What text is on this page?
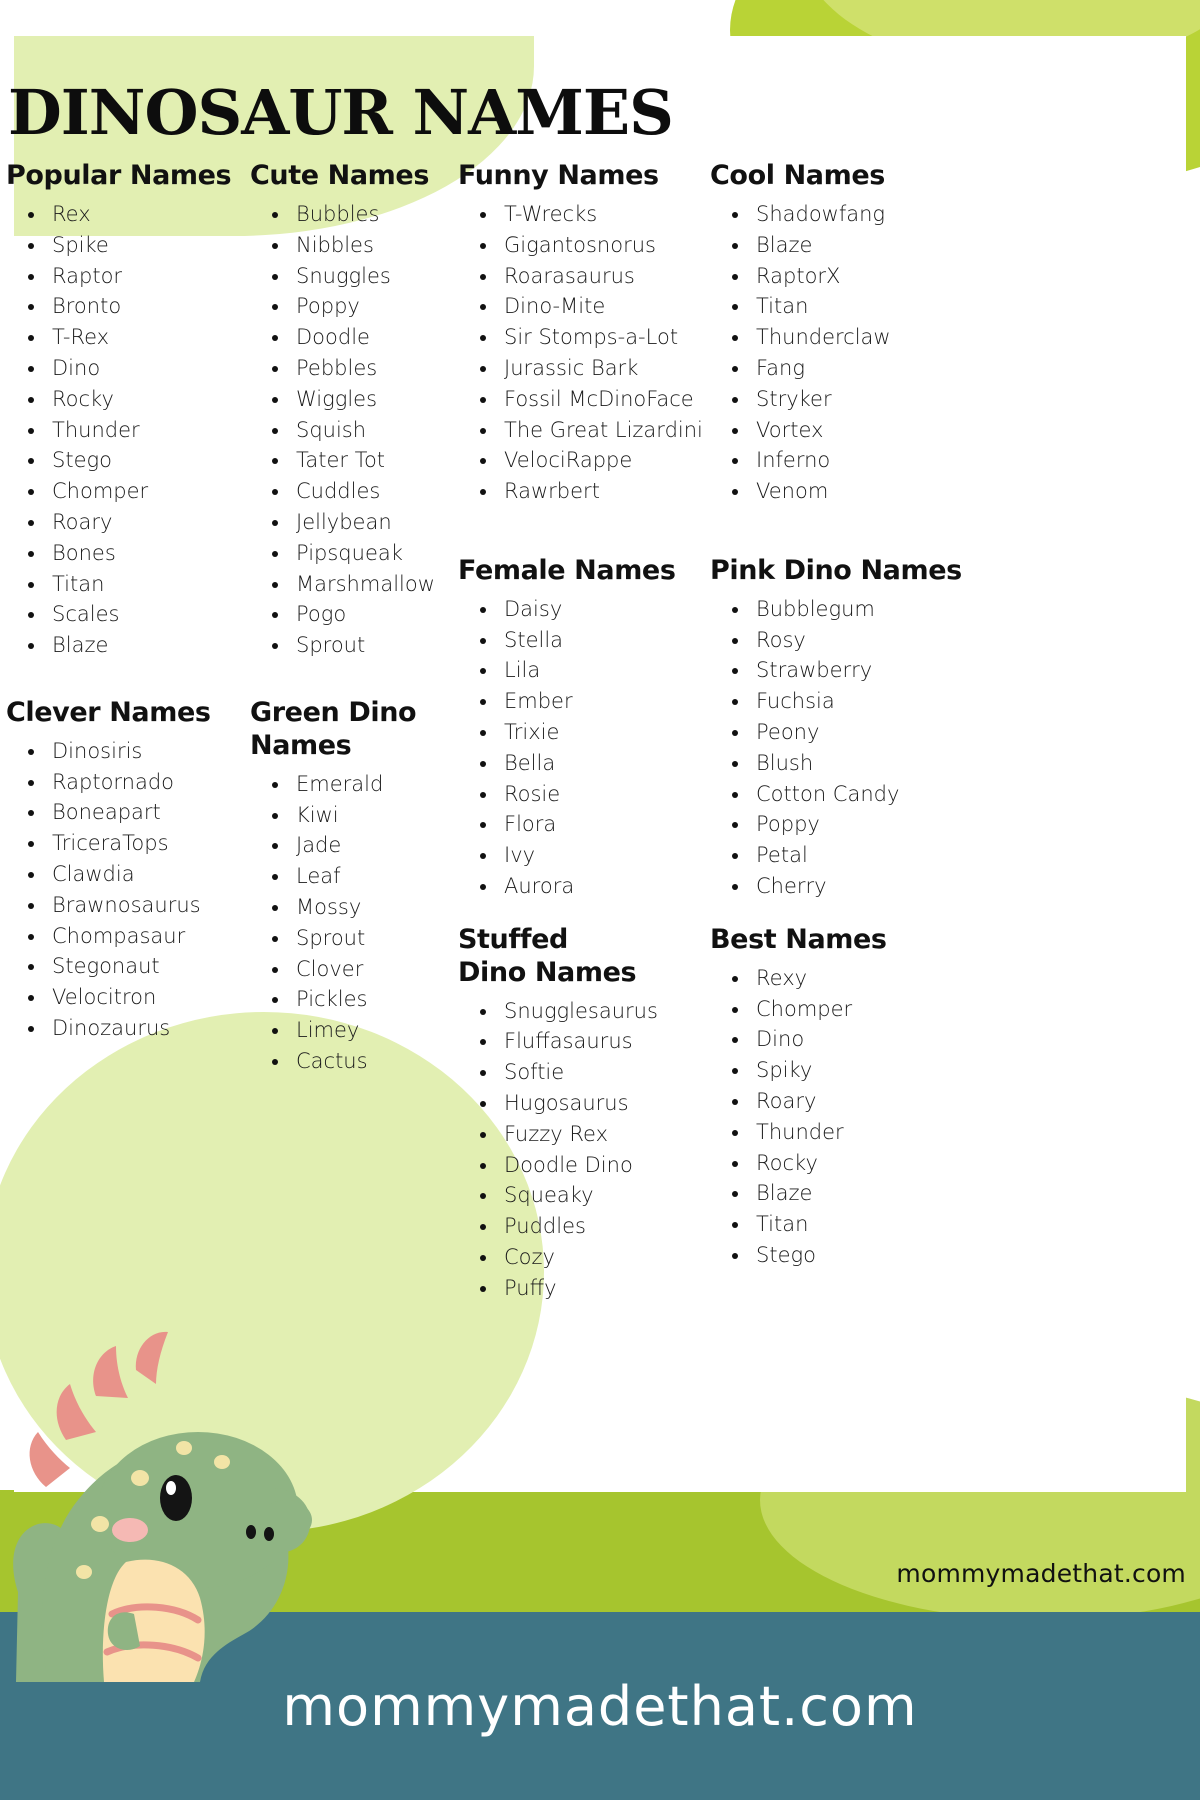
DINOSAUR NAMES
Popular Names
Rex
Spike
Raptor
Bronto
T-Rex
Dino
Rocky
Thunder
Stego
Chomper
Roary
Bones
Titan
Scales
Blaze
Clever Names
Dinosiris
Raptornado
Boneapart
TriceraTops
Clawdia
Brawnosaurus
Chompasaur
Stegonaut
Velocitron
Dinozaurus
Cute Names
Bubbles
Nibbles
Snuggles
Poppy
Doodle
Pebbles
Wiggles
Squish
Tater Tot
Cuddles
Jellybean
Pipsqueak
Marshmallow
Pogo
Sprout
Green Dino Names
Emerald
Kiwi
Jade
Leaf
Mossy
Sprout
Clover
Pickles
Limey
Cactus
Funny Names
T-Wrecks
Gigantosnorus
Roarasaurus
Dino-Mite
Sir Stomps-a-Lot
Jurassic Bark
Fossil McDinoFace
The Great Lizardini
VelociRappe
Rawrbert
Female Names
Daisy
Stella
Lila
Ember
Trixie
Bella
Rosie
Flora
Ivy
Aurora
Stuffed Dino Names
Snugglesaurus
Fluffasaurus
Softie
Hugosaurus
Fuzzy Rex
Doodle Dino
Squeaky
Puddles
Cozy
Puffy
Cool Names
Shadowfang
Blaze
RaptorX
Titan
Thunderclaw
Fang
Stryker
Vortex
Inferno
Venom
Pink Dino Names
Bubblegum
Rosy
Strawberry
Fuchsia
Peony
Blush
Cotton Candy
Poppy
Petal
Cherry
Best Names
Rexy
Chomper
Dino
Spiky
Roary
Thunder
Rocky
Blaze
Titan
Stego
mommymadethat.com
mommymadethat.com
